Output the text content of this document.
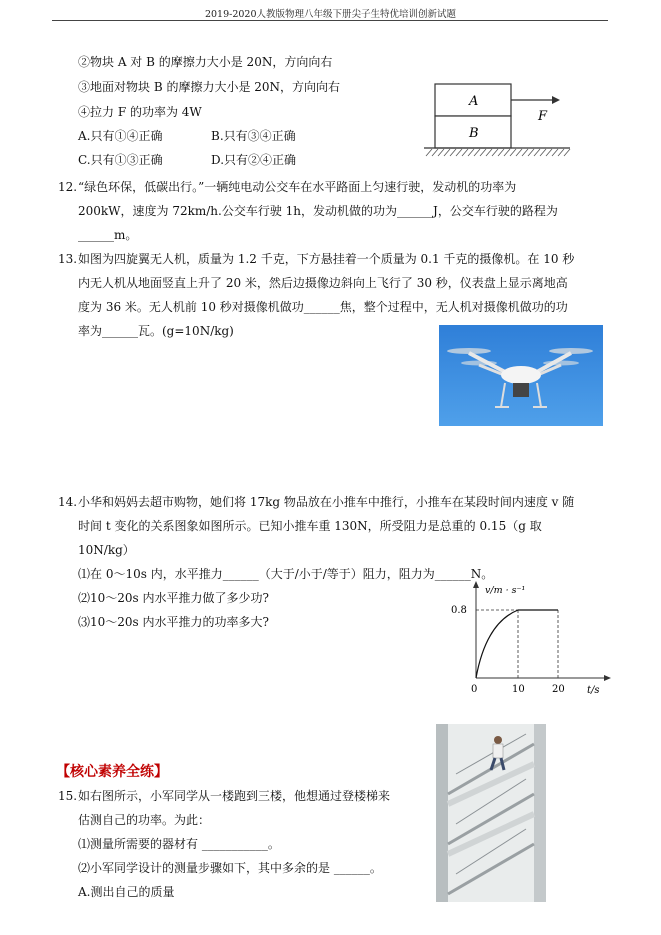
2019-2020人教版物理八年级下册尖子生特优培训创新试题
②物块 A 对 B 的摩擦力大小是 20N，方向向右
③地面对物块 B 的摩擦力大小是 20N，方向向右
④拉力 F 的功率为 4W
A.只有①④正确	B.只有③④正确
C.只有①③正确	D.只有②④正确
A
B
F
12. “绿色环保，低碳出行。”一辆纯电动公交车在水平路面上匀速行驶，发动机的功率为
200kW，速度为 72km/h.公交车行驶 1h，发动机做的功为______J，公交车行驶的路程为
______m。
13. 如图为四旋翼无人机，质量为 1.2 千克，下方悬挂着一个质量为 0.1 千克的摄像机。在 10 秒
内无人机从地面竖直上升了 20 米，然后边摄像边斜向上飞行了 30 秒，仪表盘上显示离地高
度为 36 米。无人机前 10 秒对摄像机做功______焦，整个过程中，无人机对摄像机做功的功
率为______瓦。(g=10N/kg)
14. 小华和妈妈去超市购物，她们将 17kg 物品放在小推车中推行，小推车在某段时间内速度 v 随
时间 t 变化的关系图象如图所示。已知小推车重 130N，所受阻力是总重的 0.15（g 取
10N/kg）
⑴在 0～10s 内，水平推力______（大于/小于/等于）阻力，阻力为______N。
⑵10～20s 内水平推力做了多少功?
⑶10～20s 内水平推力的功率多大?
v/m · s⁻¹
t/s
0
0.8
10	20
【核心素养全练】
15. 如右图所示，小军同学从一楼跑到三楼，他想通过登楼梯来
估测自己的功率。为此：
⑴测量所需要的器材有 ___________。
⑵小军同学设计的测量步骤如下，其中多余的是 ______。
A.测出自己的质量
